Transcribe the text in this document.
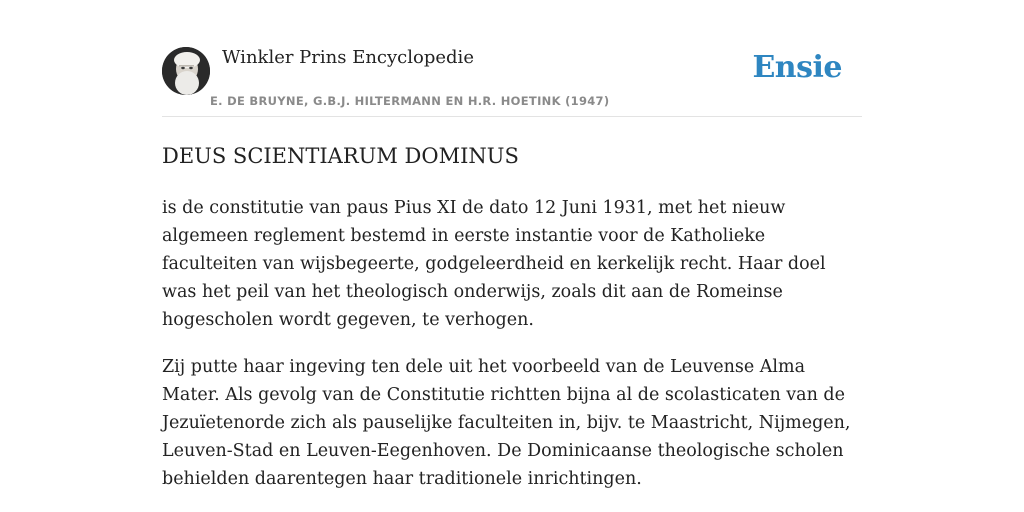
Winkler Prins Encyclopedie
E. DE BRUYNE, G.B.J. HILTERMANN EN H.R. HOETINK (1947)
Ensie
DEUS SCIENTIARUM DOMINUS

is de constitutie van paus Pius XI de dato 12 Juni 1931, met het nieuw algemeen reglement bestemd in eerste instantie voor de Katholieke faculteiten van wijsbegeerte, godgeleerdheid en kerkelijk recht. Haar doel was het peil van het theologisch onderwijs, zoals dit aan de Romeinse hogescholen wordt gegeven, te verhogen.

Zij putte haar ingeving ten dele uit het voorbeeld van de Leuvense Alma Mater. Als gevolg van de Constitutie richtten bijna al de scolasticaten van de Jezuïetenorde zich als pauselijke faculteiten in, bijv. te Maastricht, Nijmegen, Leuven-Stad en Leuven-Eegenhoven. De Dominicaanse theologische scholen behielden daarentegen haar traditionele inrichtingen.
